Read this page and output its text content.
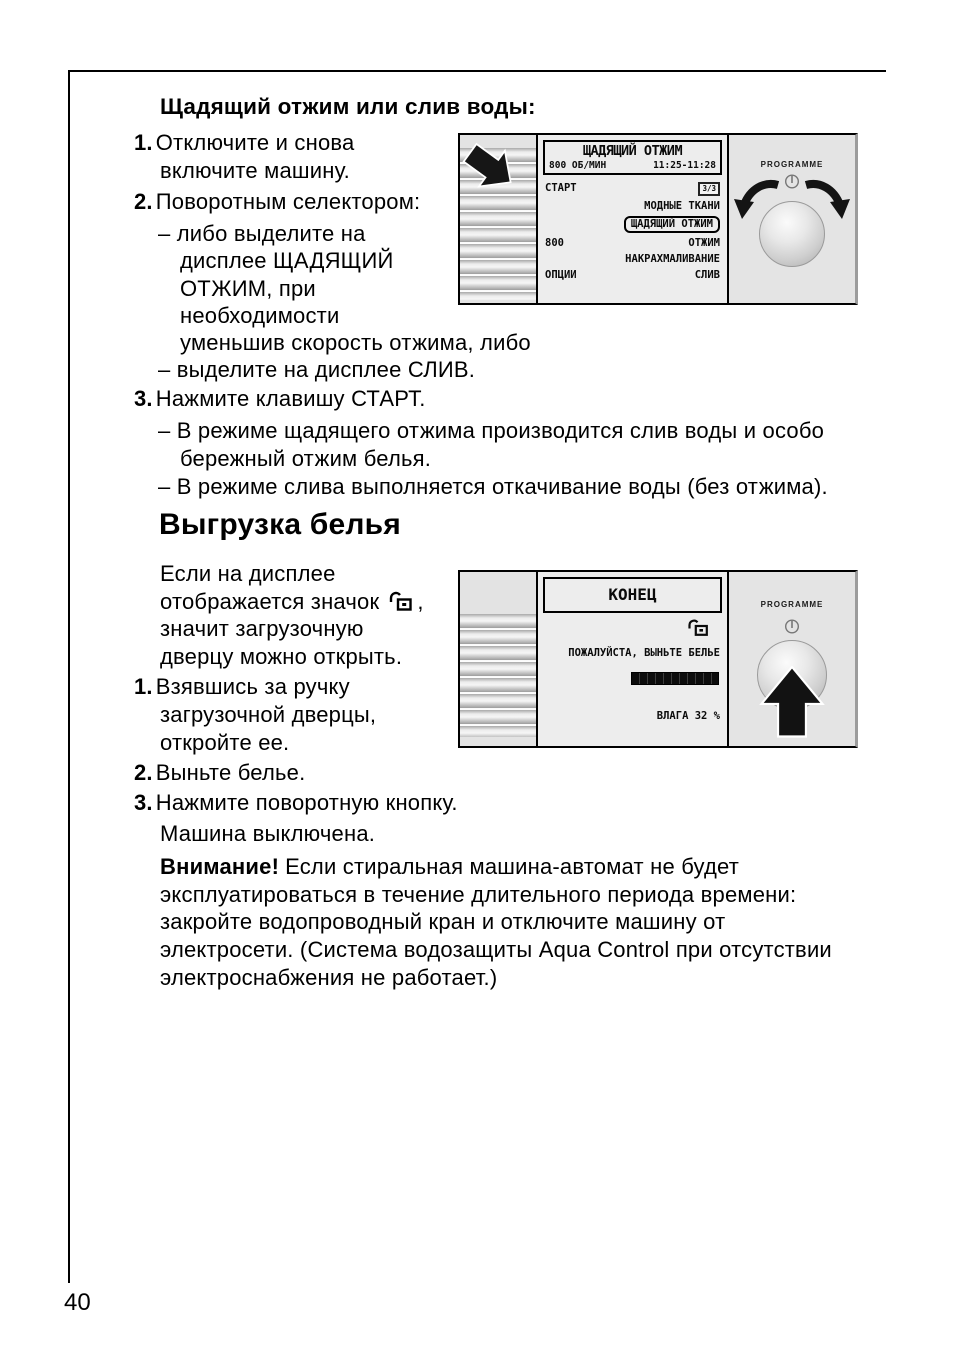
40
Щадящий отжим или слив воды:
1. Отключите и снова
включите машину.
2. Поворотным селектором:
– либо выделите на
дисплее ЩАДЯЩИЙ
ОТЖИМ, при
необходимости
уменьшив скорость отжима, либо
– выделите на дисплее СЛИВ.
3. Нажмите клавишу СТАРТ.
– В режиме щадящего отжима производится слив воды и особо
бережный отжим белья.
– В режиме слива выполняется откачивание воды (без отжима).
Выгрузка белья
Если на дисплее
отображается значок ,
значит загрузочную
дверцу можно открыть.
1. Взявшись за ручку
загрузочной дверцы,
откройте ее.
2. Выньте белье.
3. Нажмите поворотную кнопку.
Машина выключена.
Внимание! Если стиральная машина-автомат не будет
эксплуатироваться в течение длительного периода времени:
закройте водопроводный кран и отключите машину от
электросети. (Система водозащиты Aqua Control при отсутствии
электроснабжения не работает.)
ЩАДЯЩИЙ ОТЖИМ
800 ОБ/МИН	11:25-11:28
СТАРТ	3/3
МОДНЫЕ ТКАНИ
ЩАДЯЩИЙ ОТЖИМ
800	ОТЖИМ
НАКРАХМАЛИВАНИЕ
ОПЦИИ	СЛИВ
PROGRAMME
КОНЕЦ
ПОЖАЛУЙСТА, ВЫНЬТЕ БЕЛЬЕ
ВЛАГА 32 %
PROGRAMME
